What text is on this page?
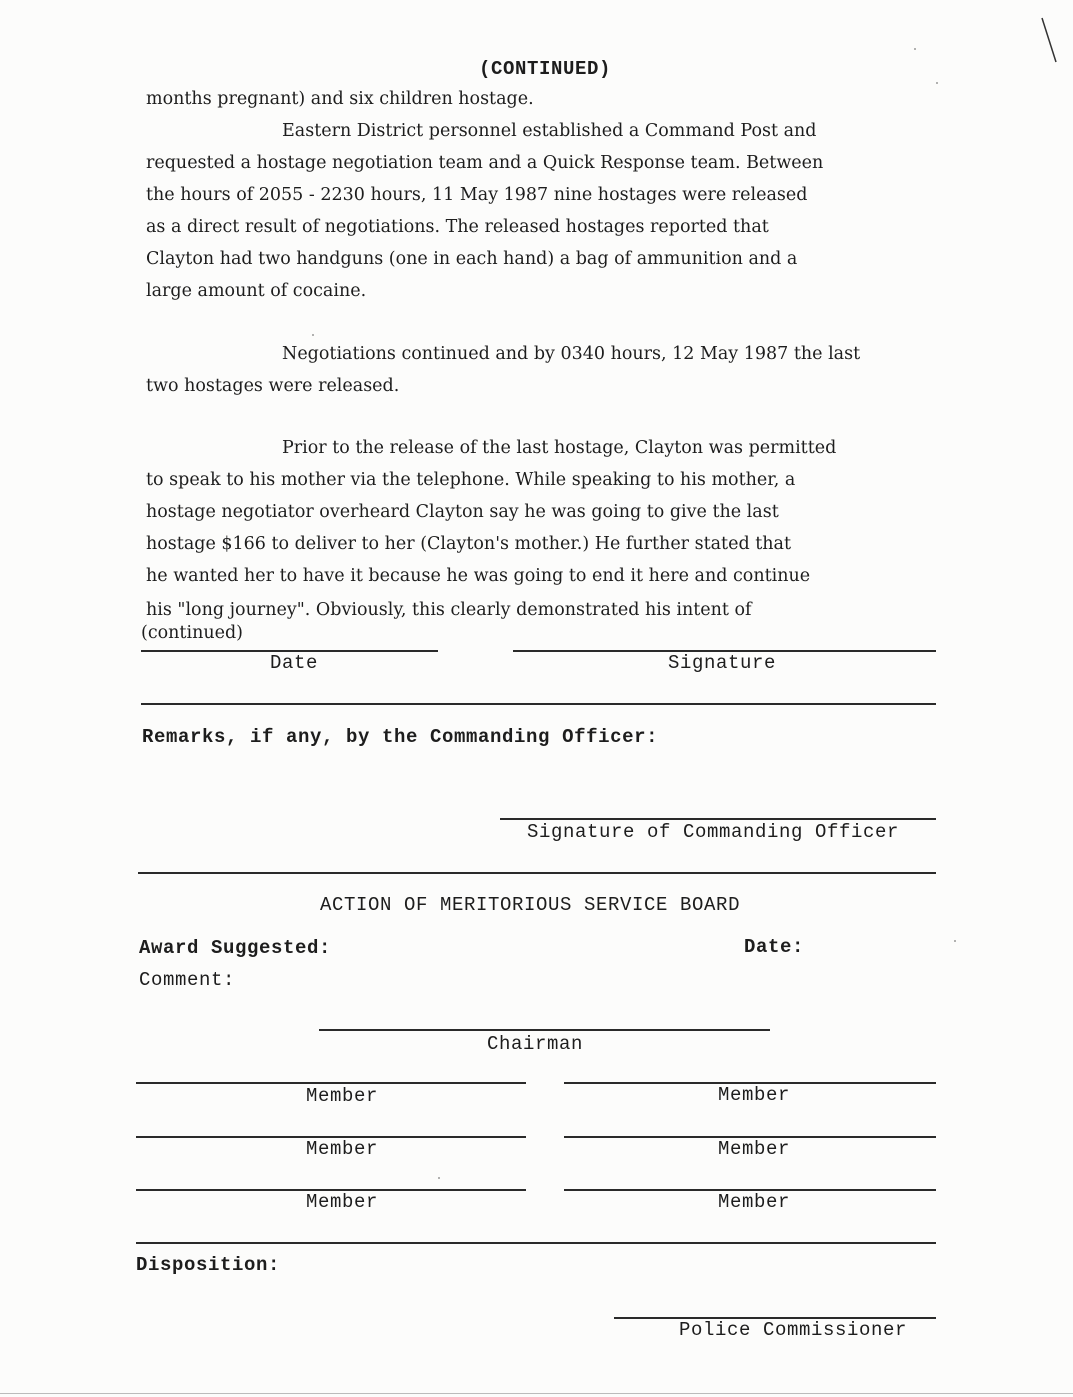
(CONTINUED)

months pregnant) and six children hostage.

Eastern District personnel established a Command Post and

requested a hostage negotiation team and a Quick Response team. Between

the hours of 2055 - 2230 hours, 11 May 1987 nine hostages were released

as a direct result of negotiations. The released hostages reported that

Clayton had two handguns (one in each hand) a bag of ammunition and a

large amount of cocaine.

Negotiations continued and by 0340 hours, 12 May 1987 the last

two hostages were released.

Prior to the release of the last hostage, Clayton was permitted

to speak to his mother via the telephone. While speaking to his mother, a

hostage negotiator overheard Clayton say he was going to give the last

hostage $166 to deliver to her (Clayton's mother.) He further stated that

he wanted her to have it because he was going to end it here and continue

his "long journey". Obviously, this clearly demonstrated his intent of

(continued)

Date	Signature
Remarks, if any, by the Commanding Officer:
Signature of Commanding Officer
ACTION OF MERITORIOUS SERVICE BOARD
Award Suggested:	Date:
Comment:
Chairman
Member	Member
Member	Member
Member	Member
Disposition:
Police Commissioner
